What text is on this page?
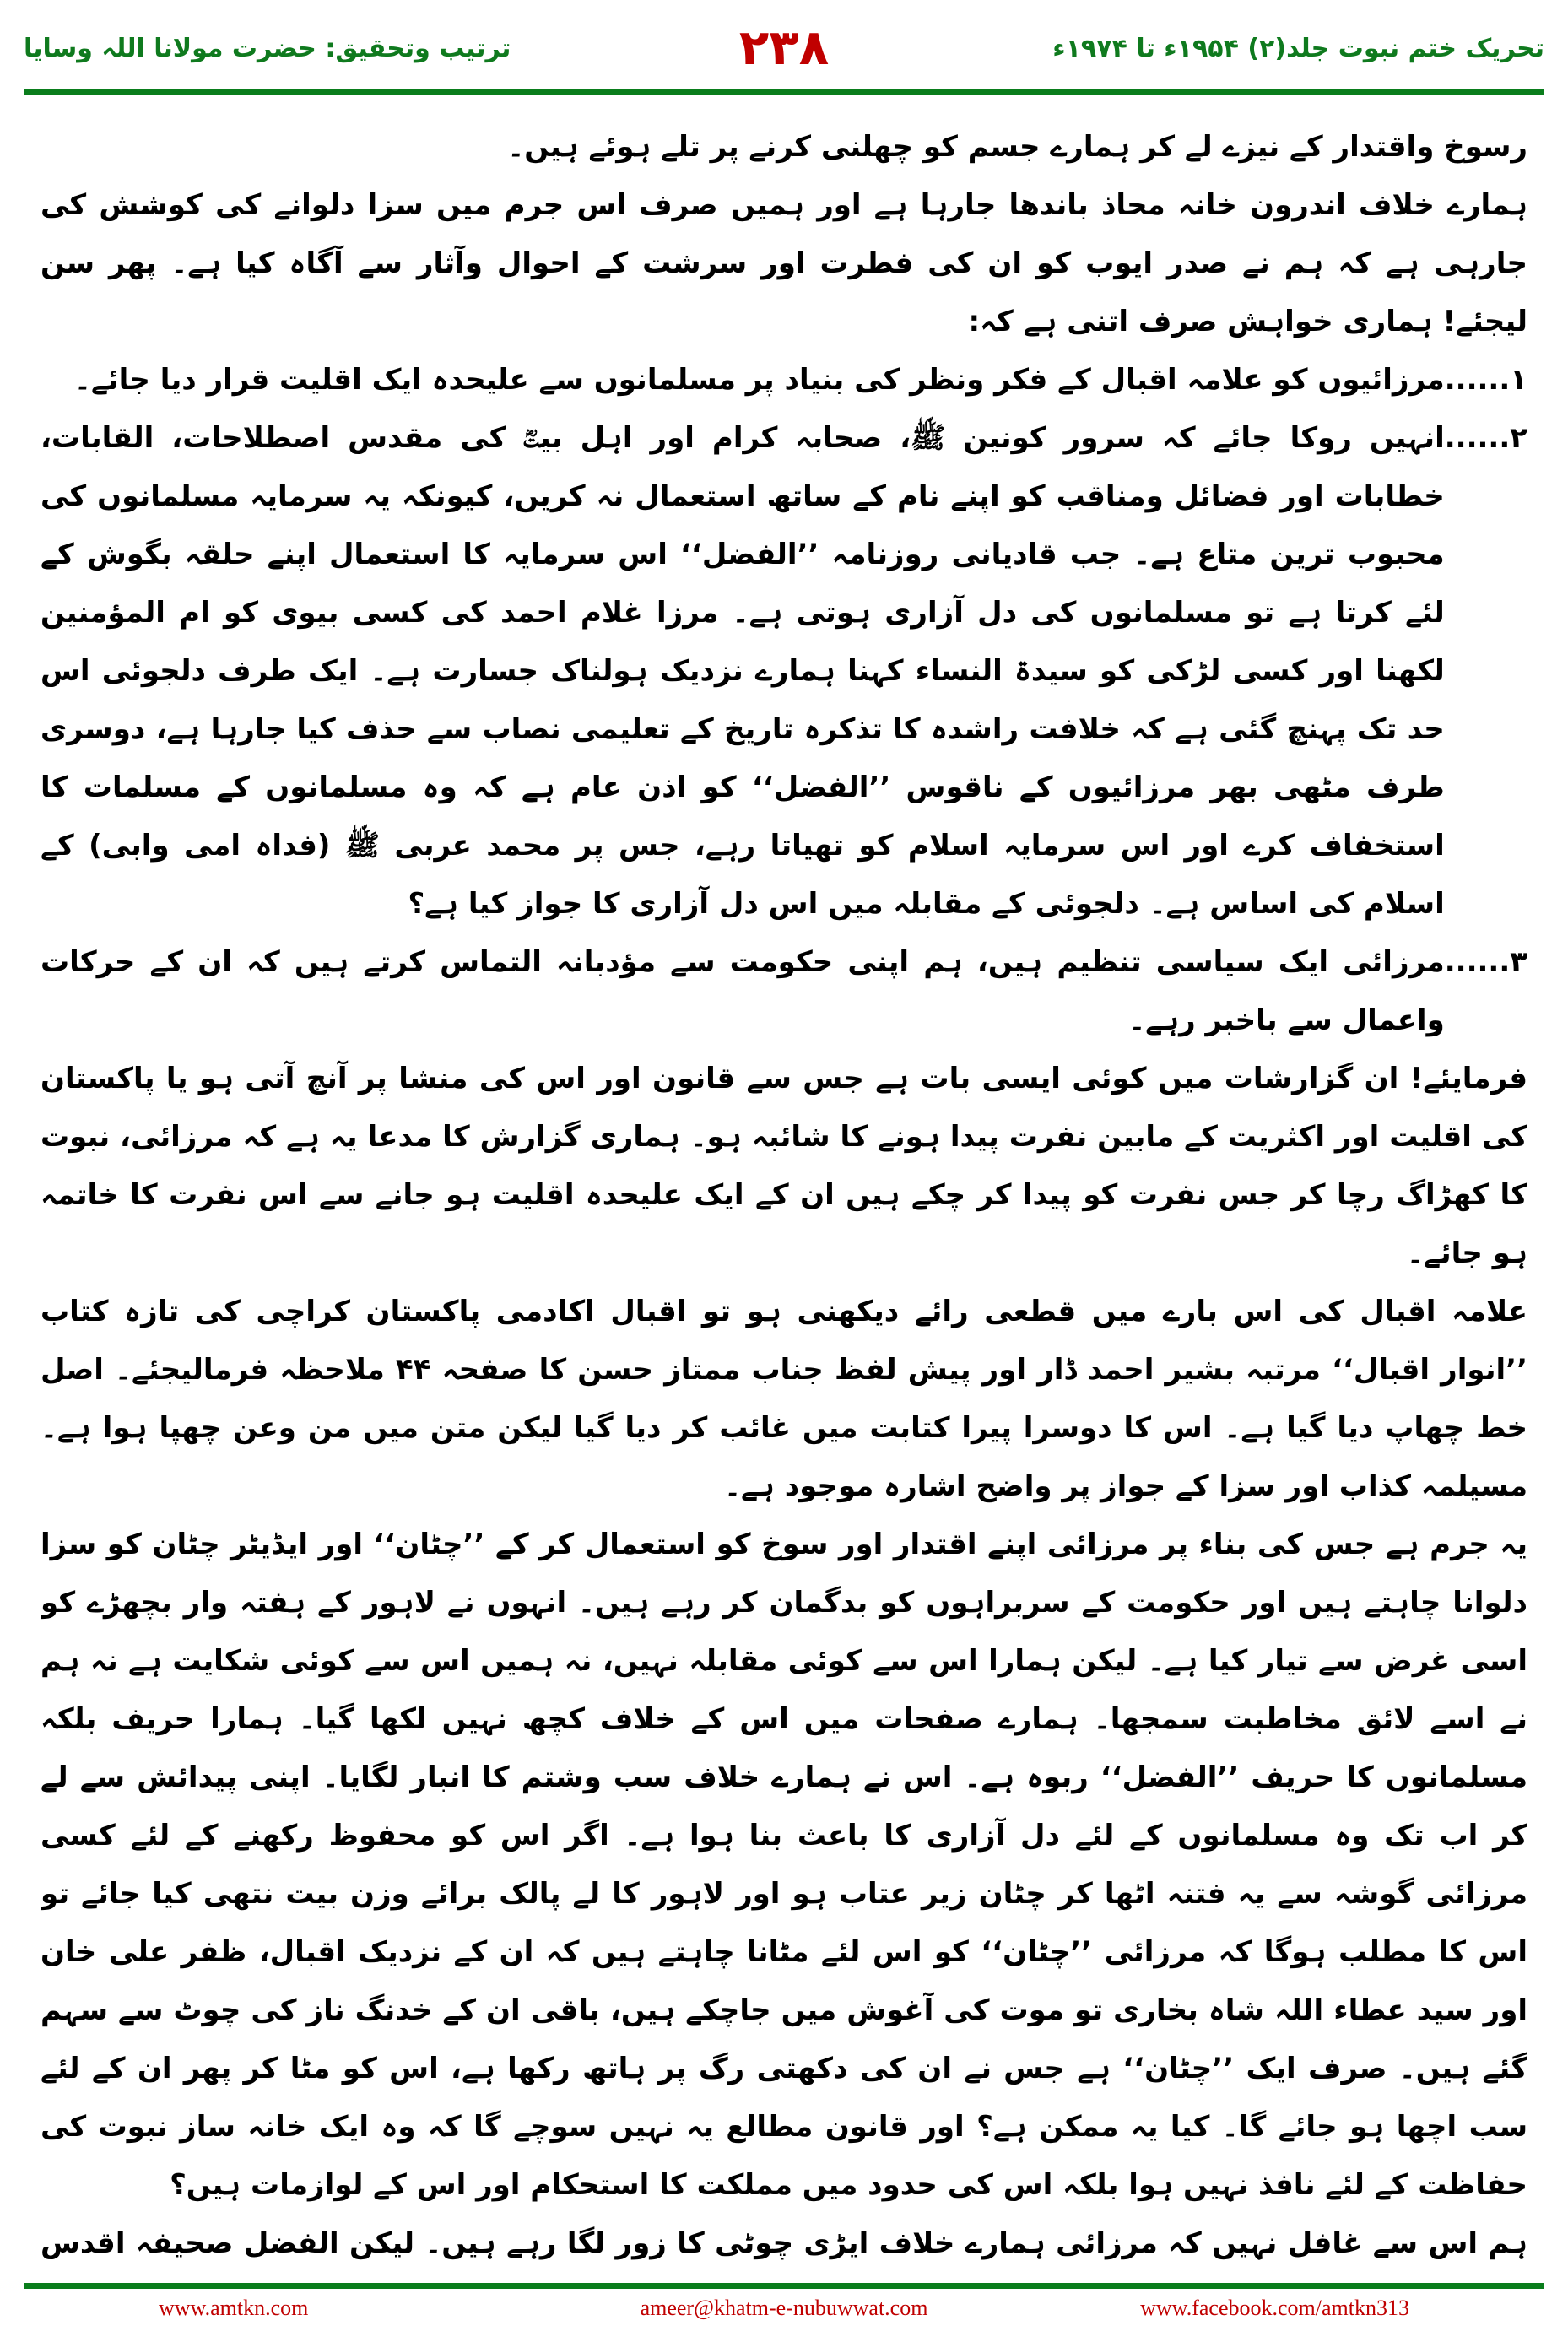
۲۳۸	تحریک ختم نبوت جلد(۲) ۱۹۵۴ء تا ۱۹۷۴ء
ترتیب وتحقیق: حضرت مولانا اللہ وسایا

رسوخ واقتدار کے نیزے لے کر ہمارے جسم کو چھلنی کرنے پر تلے ہوئے ہیں۔

ہمارے خلاف اندرون خانہ محاذ باندھا جارہا ہے اور ہمیں صرف اس جرم میں سزا دلوانے کی کوشش کی جارہی ہے کہ ہم نے صدر ایوب کو ان کی فطرت اور سرشت کے احوال وآثار سے آگاہ کیا ہے۔ پھر سن لیجئے! ہماری خواہش صرف اتنی ہے کہ:

۱......
مرزائیوں کو علامہ اقبال کے فکر ونظر کی بنیاد پر مسلمانوں سے علیحدہ ایک اقلیت قرار دیا جائے۔
۲......
انہیں روکا جائے کہ سرور کونین ﷺ، صحابہ کرام اور اہل بیتؓ کی مقدس اصطلاحات، القابات، خطابات اور فضائل ومناقب کو اپنے نام کے ساتھ استعمال نہ کریں، کیونکہ یہ سرمایہ مسلمانوں کی محبوب ترین متاع ہے۔ جب قادیانی روزنامہ ’’الفضل‘‘ اس سرمایہ کا استعمال اپنے حلقہ بگوش کے لئے کرتا ہے تو مسلمانوں کی دل آزاری ہوتی ہے۔ مرزا غلام احمد کی کسی بیوی کو ام المؤمنین لکھنا اور کسی لڑکی کو سیدۃ النساء کہنا ہمارے نزدیک ہولناک جسارت ہے۔ ایک طرف دلجوئی اس حد تک پہنچ گئی ہے کہ خلافت راشدہ کا تذکرہ تاریخ کے تعلیمی نصاب سے حذف کیا جارہا ہے، دوسری طرف مٹھی بھر مرزائیوں کے ناقوس ’’الفضل‘‘ کو اذن عام ہے کہ وہ مسلمانوں کے مسلمات کا استخفاف کرے اور اس سرمایہ اسلام کو تھیاتا رہے، جس پر محمد عربی ﷺ (فداہ امی وابی) کے اسلام کی اساس ہے۔ دلجوئی کے مقابلہ میں اس دل آزاری کا جواز کیا ہے؟
۳......
مرزائی ایک سیاسی تنظیم ہیں، ہم اپنی حکومت سے مؤدبانہ التماس کرتے ہیں کہ ان کے حرکات واعمال سے باخبر رہے۔

فرمایئے! ان گزارشات میں کوئی ایسی بات ہے جس سے قانون اور اس کی منشا پر آنچ آتی ہو یا پاکستان کی اقلیت اور اکثریت کے مابین نفرت پیدا ہونے کا شائبہ ہو۔ ہماری گزارش کا مدعا یہ ہے کہ مرزائی، نبوت کا کھڑاگ رچا کر جس نفرت کو پیدا کر چکے ہیں ان کے ایک علیحدہ اقلیت ہو جانے سے اس نفرت کا خاتمہ ہو جائے۔

علامہ اقبال کی اس بارے میں قطعی رائے دیکھنی ہو تو اقبال اکادمی پاکستان کراچی کی تازہ کتاب ’’انوار اقبال‘‘ مرتبہ بشیر احمد ڈار اور پیش لفظ جناب ممتاز حسن کا صفحہ ۴۴ ملاحظہ فرمالیجئے۔ اصل خط چھاپ دیا گیا ہے۔ اس کا دوسرا پیرا کتابت میں غائب کر دیا گیا لیکن متن میں من وعن چھپا ہوا ہے۔ مسیلمہ کذاب اور سزا کے جواز پر واضح اشارہ موجود ہے۔

یہ جرم ہے جس کی بناء پر مرزائی اپنے اقتدار اور سوخ کو استعمال کر کے ’’چٹان‘‘ اور ایڈیٹر چٹان کو سزا دلوانا چاہتے ہیں اور حکومت کے سربراہوں کو بدگمان کر رہے ہیں۔ انہوں نے لاہور کے ہفتہ وار بچھڑے کو اسی غرض سے تیار کیا ہے۔ لیکن ہمارا اس سے کوئی مقابلہ نہیں، نہ ہمیں اس سے کوئی شکایت ہے نہ ہم نے اسے لائق مخاطبت سمجھا۔ ہمارے صفحات میں اس کے خلاف کچھ نہیں لکھا گیا۔ ہمارا حریف بلکہ مسلمانوں کا حریف ’’الفضل‘‘ ربوہ ہے۔ اس نے ہمارے خلاف سب وشتم کا انبار لگایا۔ اپنی پیدائش سے لے کر اب تک وہ مسلمانوں کے لئے دل آزاری کا باعث بنا ہوا ہے۔ اگر اس کو محفوظ رکھنے کے لئے کسی مرزائی گوشہ سے یہ فتنہ اٹھا کر چٹان زیر عتاب ہو اور لاہور کا لے پالک برائے وزن بیت نتھی کیا جائے تو اس کا مطلب ہوگا کہ مرزائی ’’چٹان‘‘ کو اس لئے مٹانا چاہتے ہیں کہ ان کے نزدیک اقبال، ظفر علی خان اور سید عطاء اللہ شاہ بخاری تو موت کی آغوش میں جاچکے ہیں، باقی ان کے خدنگ ناز کی چوٹ سے سہم گئے ہیں۔ صرف ایک ’’چٹان‘‘ ہے جس نے ان کی دکھتی رگ پر ہاتھ رکھا ہے، اس کو مٹا کر پھر ان کے لئے سب اچھا ہو جائے گا۔ کیا یہ ممکن ہے؟ اور قانون مطالع یہ نہیں سوچے گا کہ وہ ایک خانہ ساز نبوت کی حفاظت کے لئے نافذ نہیں ہوا بلکہ اس کی حدود میں مملکت کا استحکام اور اس کے لوازمات ہیں؟

ہم اس سے غافل نہیں کہ مرزائی ہمارے خلاف ایڑی چوٹی کا زور لگا رہے ہیں۔ لیکن الفضل صحیفہ اقدس

ameer@khatm-e-nubuwwat.com
www.amtkn.com	www.facebook.com/amtkn313
